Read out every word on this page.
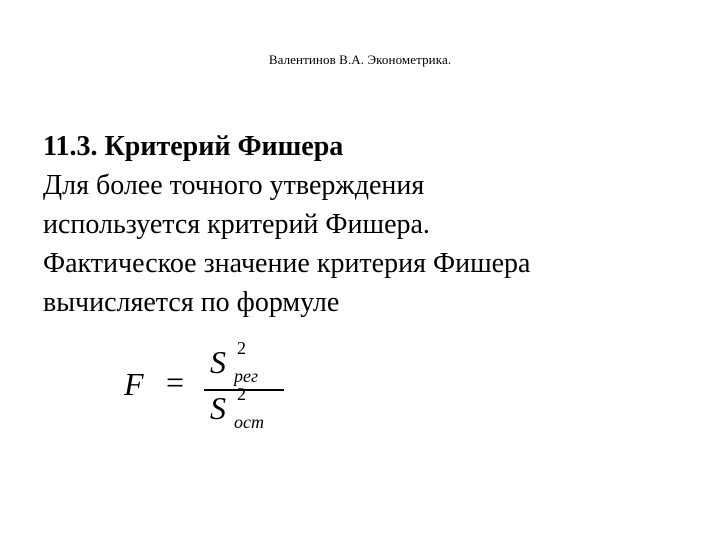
Валентинов В.А. Эконометрика.

11.3. Критерий Фишера

Для более точного утверждения
используется критерий Фишера.
Фактическое значение критерия Фишера
вычисляется по формуле

F =
S 2
рег
S 2
ост
